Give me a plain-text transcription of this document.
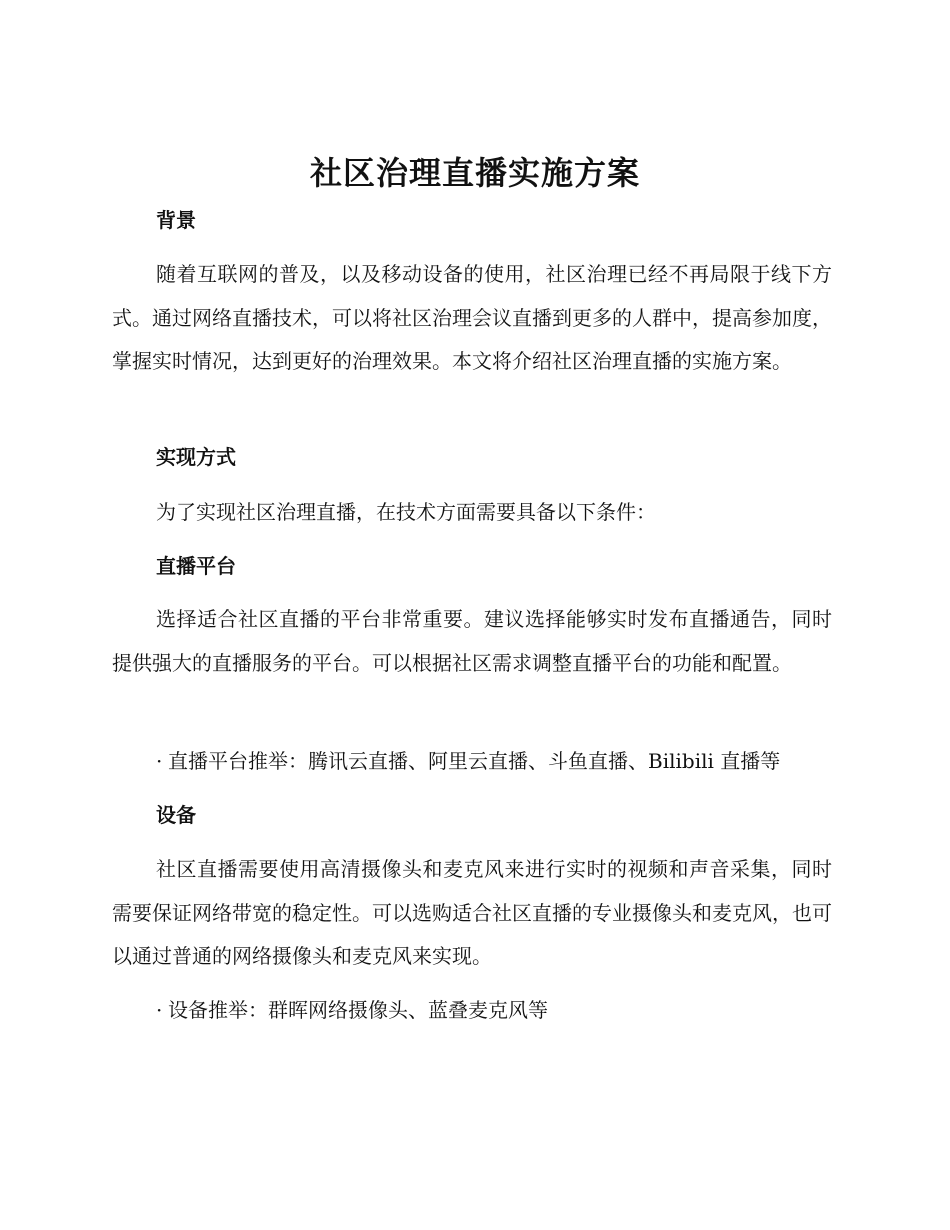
社区治理直播实施方案
背景
随着互联网的普及，以及移动设备的使用，社区治理已经不再局限于线下方式。通过网络直播技术，可以将社区治理会议直播到更多的人群中，提高参加度，掌握实时情况，达到更好的治理效果。本文将介绍社区治理直播的实施方案。
实现方式
为了实现社区治理直播，在技术方面需要具备以下条件：
直播平台
选择适合社区直播的平台非常重要。建议选择能够实时发布直播通告，同时提供强大的直播服务的平台。可以根据社区需求调整直播平台的功能和配置。
· 直播平台推举：腾讯云直播、阿里云直播、斗鱼直播、Bilibili 直播等
设备
社区直播需要使用高清摄像头和麦克风来进行实时的视频和声音采集，同时需要保证网络带宽的稳定性。可以选购适合社区直播的专业摄像头和麦克风，也可以通过普通的网络摄像头和麦克风来实现。
· 设备推举：群晖网络摄像头、蓝叠麦克风等
